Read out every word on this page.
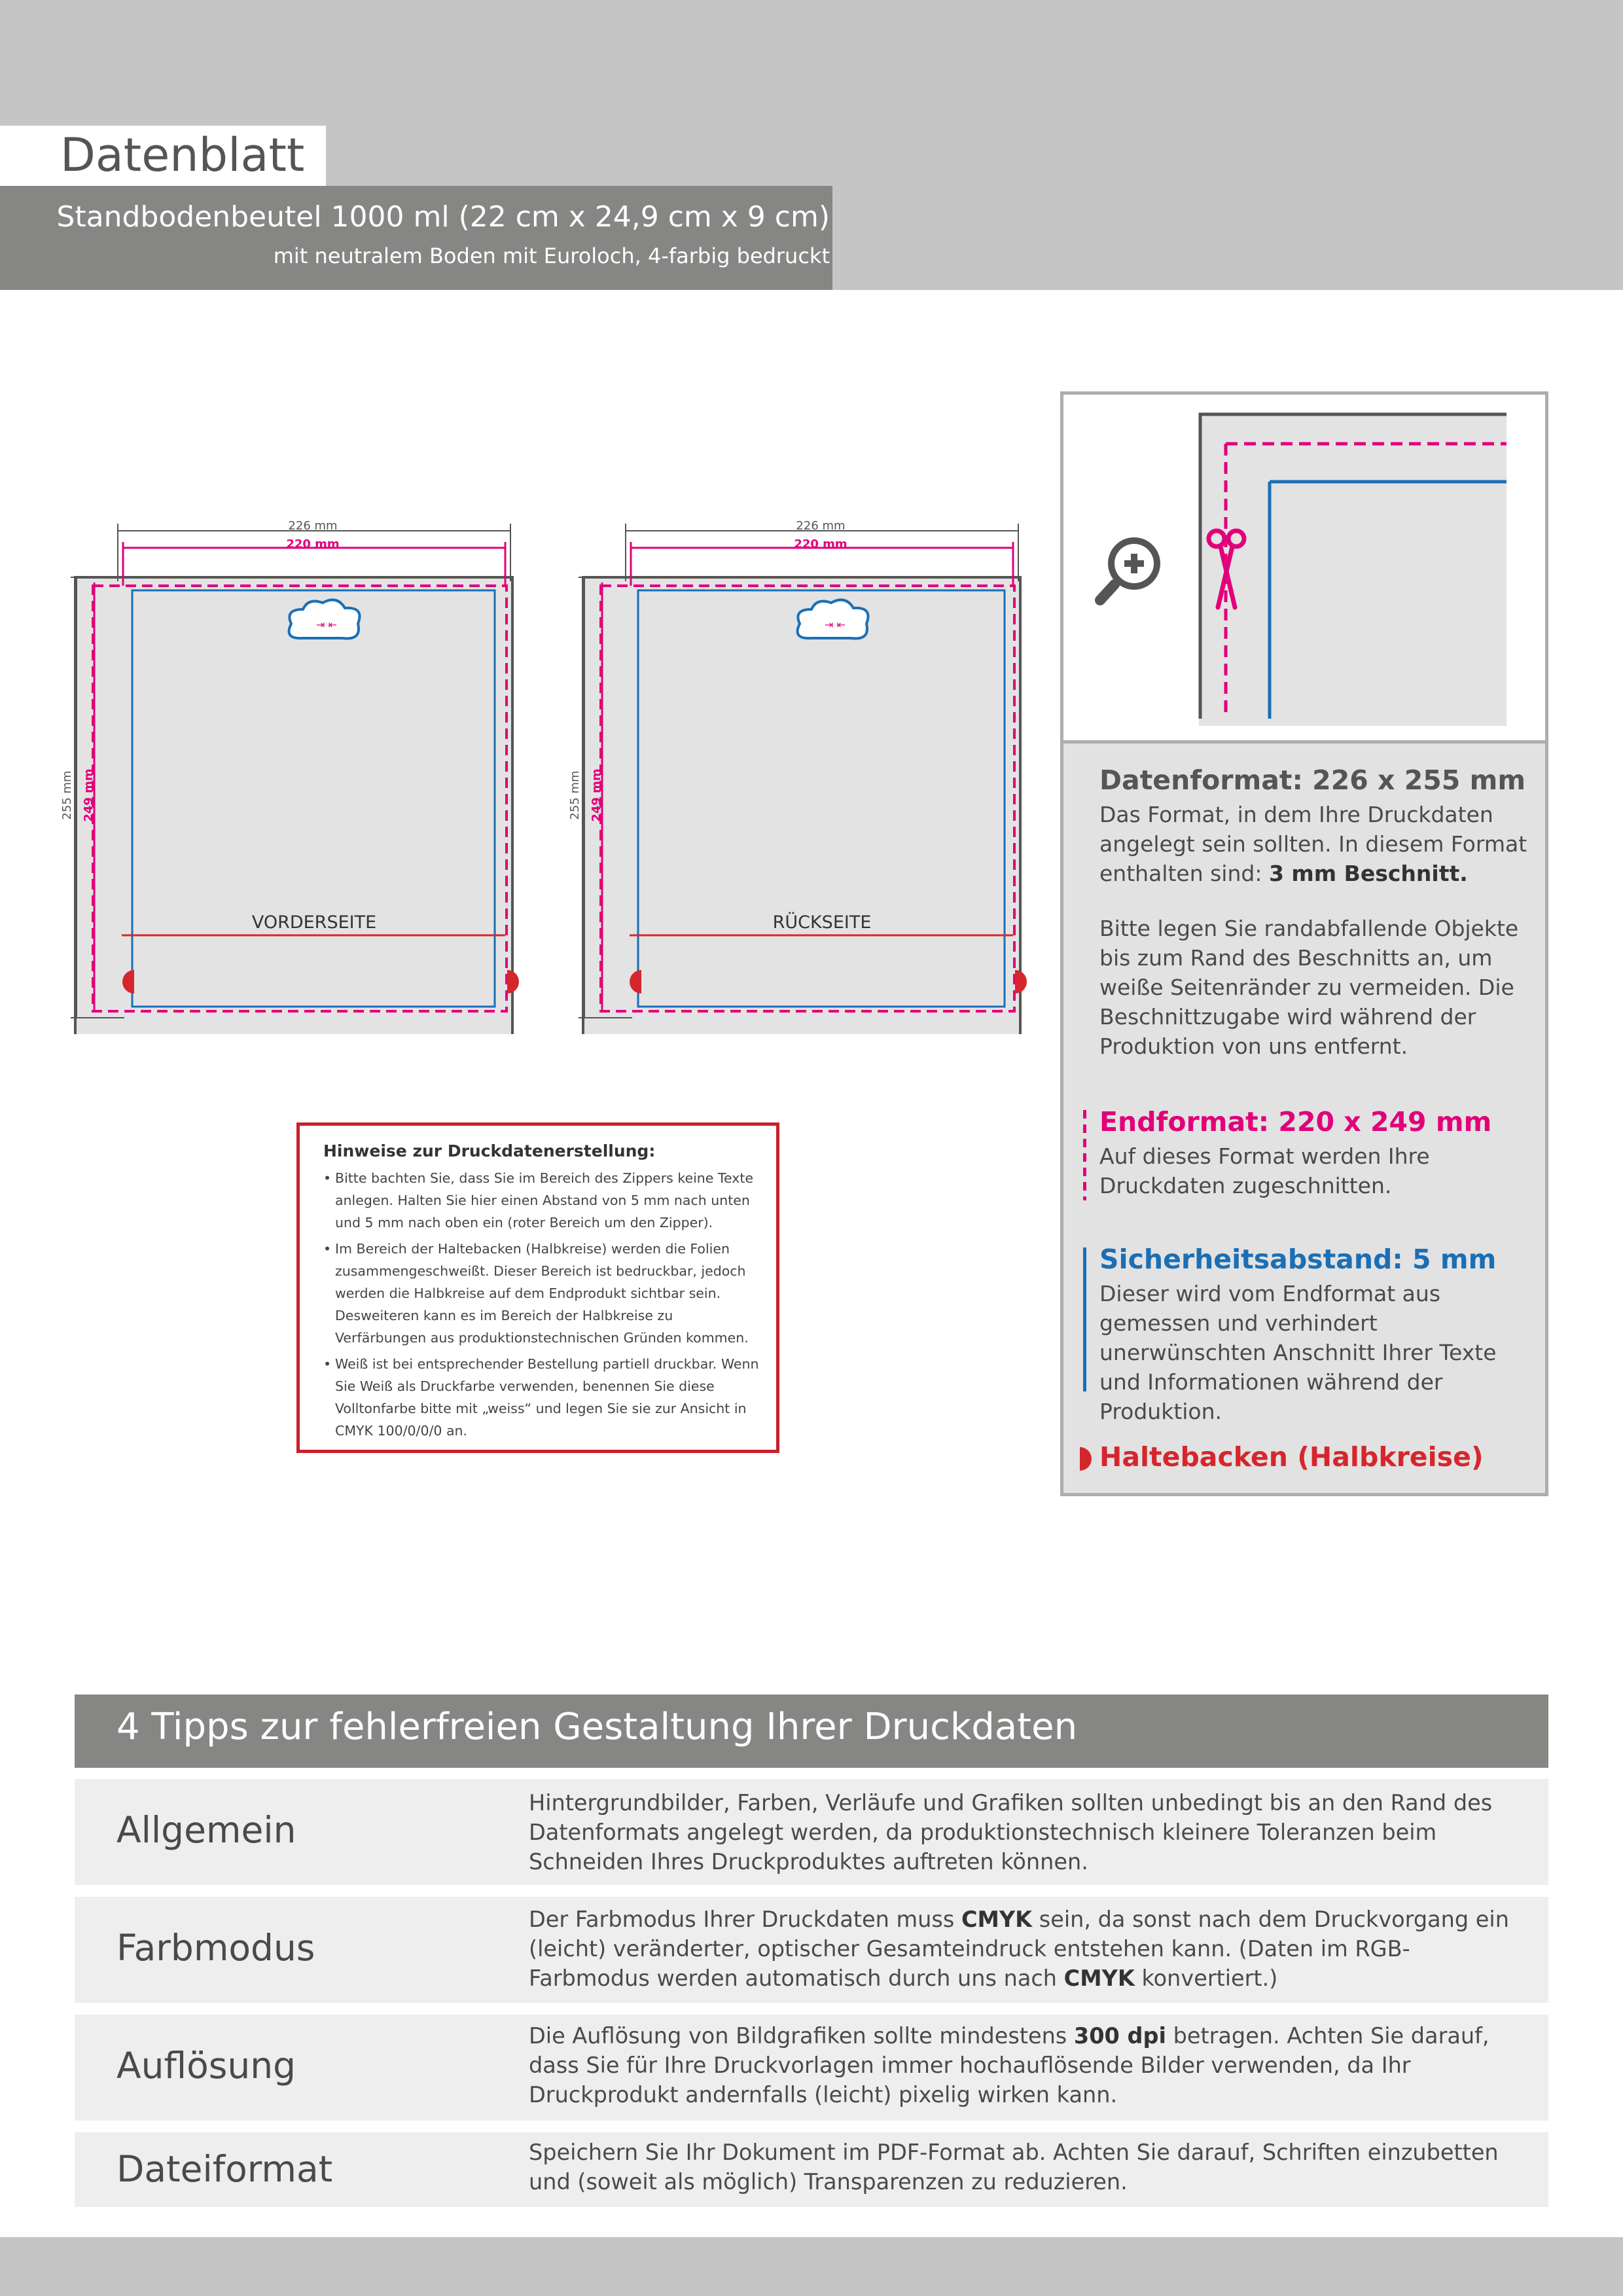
Datenblatt
Standbodenbeutel 1000 ml (22 cm x 24,9 cm x 9 cm)
mit neutralem Boden mit Euroloch, 4-farbig bedruckt
⇥ ⇤
226 mm
220 mm
255 mm 249 mm
VORDERSEITE
⇥ ⇤
226 mm
220 mm
255 mm 249 mm
RÜCKSEITE
Hinweise zur Druckdatenerstellung:
• Bitte bachten Sie, dass Sie im Bereich des Zippers keine Texte anlegen. Halten Sie hier einen Abstand von 5 mm nach unten und 5 mm nach oben ein (roter Bereich um den Zipper).
• Im Bereich der Haltebacken (Halbkreise) werden die Folien zusammengeschweißt. Dieser Bereich ist bedruckbar, jedoch werden die Halbkreise auf dem Endprodukt sichtbar sein. Desweiteren kann es im Bereich der Halbkreise zu Verfärbungen aus produktionstechnischen Gründen kommen.
• Weiß ist bei entsprechender Bestellung partiell druckbar. Wenn Sie Weiß als Druckfarbe verwenden, benennen Sie diese Volltonfarbe bitte mit „weiss“ und legen Sie sie zur Ansicht in CMYK 100/0/0/0 an.
Datenformat: 226 x 255 mm
Das Format, in dem Ihre Druckdaten angelegt sein sollten. In diesem Format enthalten sind: 3 mm Beschnitt.
Bitte legen Sie randabfallende Objekte bis zum Rand des Beschnitts an, um weiße Seitenränder zu vermeiden. Die Beschnittzugabe wird während der Produktion von uns entfernt.
Endformat: 220 x 249 mm
Auf dieses Format werden Ihre Druckdaten zugeschnitten.
Sicherheitsabstand: 5 mm
Dieser wird vom Endformat aus gemessen und verhindert unerwünschten Anschnitt Ihrer Texte und Informationen während der Produktion.
Haltebacken (Halbkreise)
4 Tipps zur fehlerfreien Gestaltung Ihrer Druckdaten
Allgemein
Hintergrundbilder, Farben, Verläufe und Grafiken sollten unbedingt bis an den Rand des Datenformats angelegt werden, da produktionstechnisch kleinere Toleranzen beim Schneiden Ihres Druckproduktes auftreten können.
Farbmodus
Der Farbmodus Ihrer Druckdaten muss CMYK sein, da sonst nach dem Druckvorgang ein (leicht) veränderter, optischer Gesamteindruck entstehen kann. (Daten im RGB-Farbmodus werden automatisch durch uns nach CMYK konvertiert.)
Auflösung
Die Auflösung von Bildgrafiken sollte mindestens 300 dpi betragen. Achten Sie darauf, dass Sie für Ihre Druckvorlagen immer hochauflösende Bilder verwenden, da Ihr Druckprodukt andernfalls (leicht) pixelig wirken kann.
Dateiformat	Speichern Sie Ihr Dokument im PDF-Format ab. Achten Sie darauf, Schriften einzubetten und (soweit als möglich) Transparenzen zu reduzieren.
